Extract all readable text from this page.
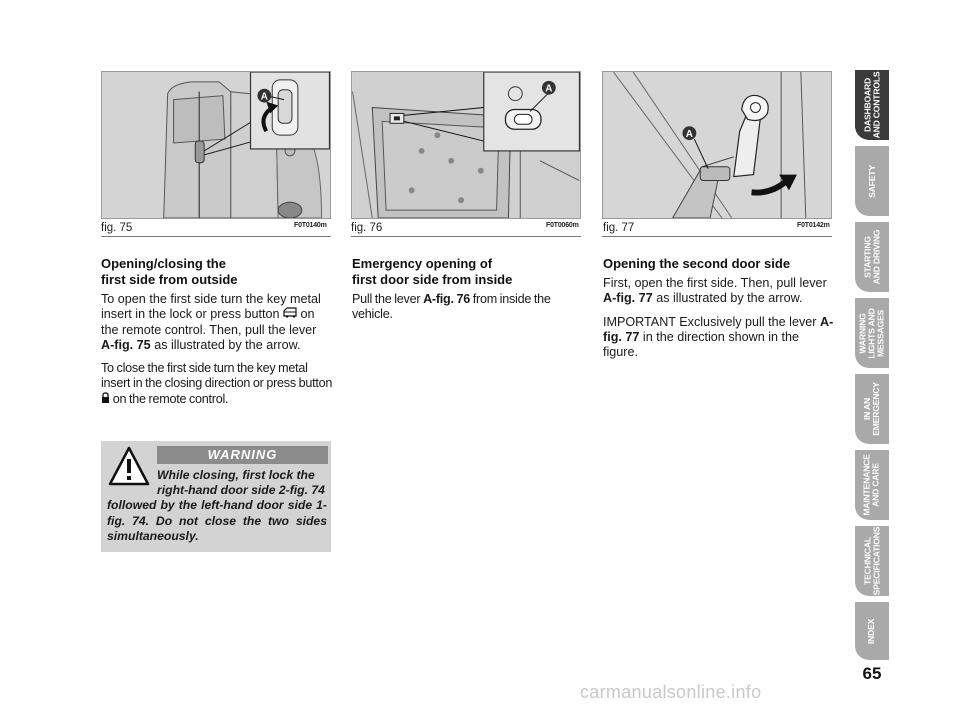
A
fig. 75	F0T0140m
A
fig. 76	F0T0060m
A
fig. 77	F0T0142m
Opening/closing the
first side from outside

To open the first side turn the key metal insert in the lock or press button on the remote control. Then, pull the lever A-fig. 75 as illustrated by the arrow.

To close the first side turn the key metal insert in the closing direction or press button  on the remote control.

WARNING
While closing, first lock the
right-hand door side 2-fig. 74
followed by the left-hand door side 1-fig. 74. Do not close the two sides simultaneously.
Emergency opening of
first door side from inside

Pull the lever A-fig. 76 from inside the vehicle.

Opening the second door side

First, open the first side. Then, pull lever A-fig. 77 as illustrated by the arrow.

IMPORTANT Exclusively pull the lever A-fig. 77 in the direction shown in the figure.

DASHBOARD
AND CONTROLS
SAFETY
STARTING
AND DRIVING
WARNING
LIGHTS AND
MESSAGES
IN AN
EMERGENCY
MAINTENANCE
AND CARE
TECHNICAL
SPECIFICATIONS
INDEX
65
carmanualsonline.info
